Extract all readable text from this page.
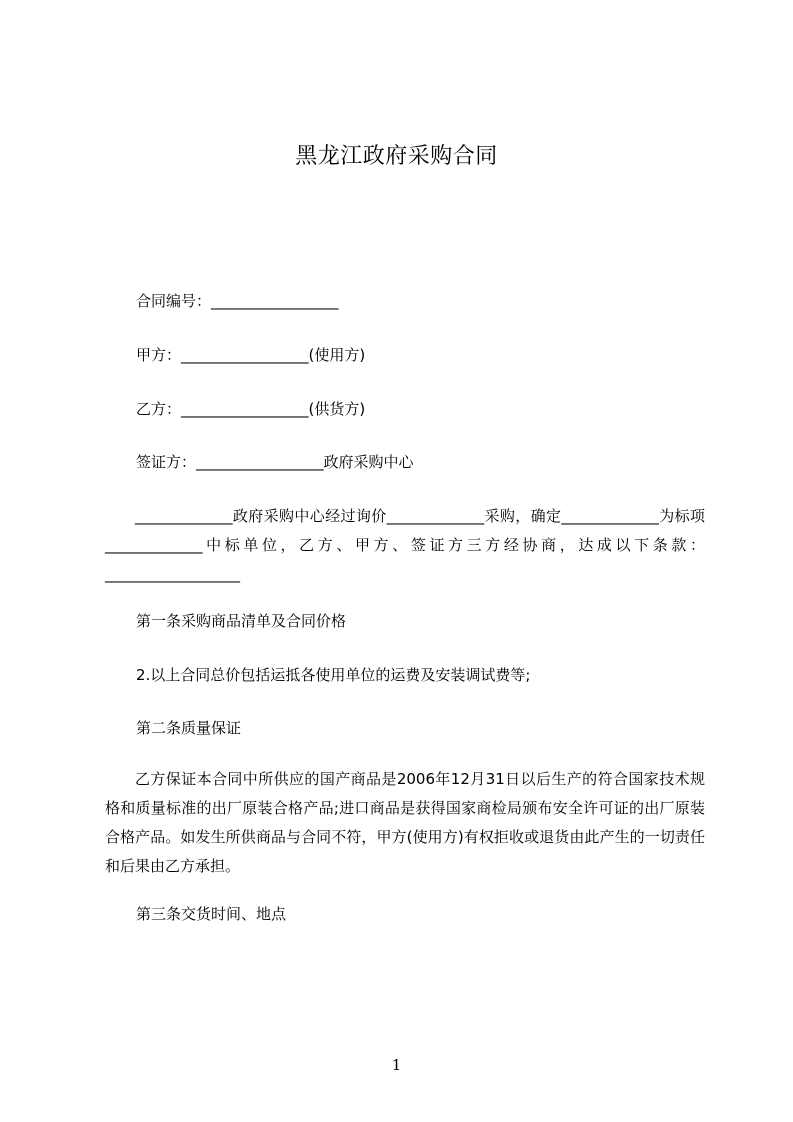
黑龙江政府采购合同
合同编号：_________________
甲方：_________________(使用方)
乙方：_________________(供货方)
签证方：_________________政府采购中心
_____________政府采购中心经过询价_____________采购，确定_____________为标项_____________中标单位，乙方、甲方、签证方三方经协商，达成以下条款：__________________
第一条采购商品清单及合同价格
2.以上合同总价包括运抵各使用单位的运费及安装调试费等;
第二条质量保证
乙方保证本合同中所供应的国产商品是2006年12月31日以后生产的符合国家技术规格和质量标准的出厂原装合格产品;进口商品是获得国家商检局颁布安全许可证的出厂原装合格产品。如发生所供商品与合同不符，甲方(使用方)有权拒收或退货由此产生的一切责任和后果由乙方承担。
第三条交货时间、地点
1
